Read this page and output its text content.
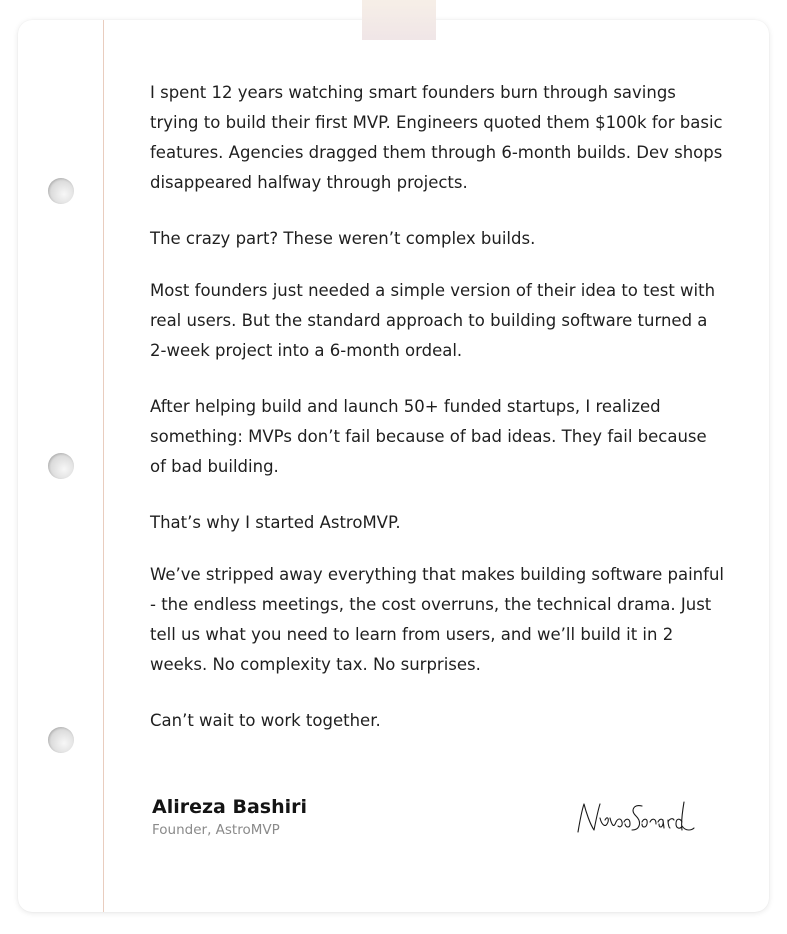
I spent 12 years watching smart founders burn through savings trying to build their first MVP. Engineers quoted them $100k for basic features. Agencies dragged them through 6-month builds. Dev shops disappeared halfway through projects.

The crazy part? These weren’t complex builds.

Most founders just needed a simple version of their idea to test with real users. But the standard approach to building software turned a 2-week project into a 6-month ordeal.

After helping build and launch 50+ funded startups, I realized something: MVPs don’t fail because of bad ideas. They fail because of bad building.

That’s why I started AstroMVP.

We’ve stripped away everything that makes building software painful - the endless meetings, the cost overruns, the technical drama. Just tell us what you need to learn from users, and we’ll build it in 2 weeks. No complexity tax. No surprises.

Can’t wait to work together.

Alireza Bashiri
Founder, AstroMVP
